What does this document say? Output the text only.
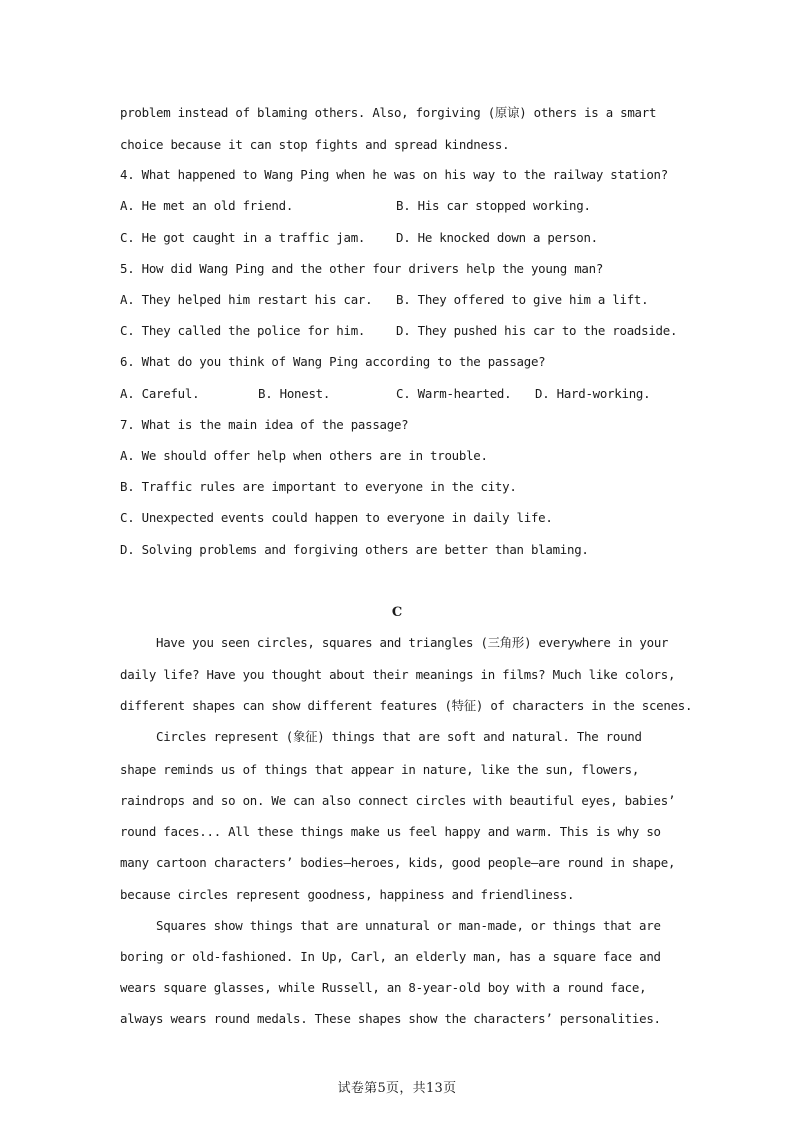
problem instead of blaming others. Also, forgiving (原谅) others is a smart
choice because it can stop fights and spread kindness.
4. What happened to Wang Ping when he was on his way to the railway station?
A. He met an old friend.	B. His car stopped working.
C. He got caught in a traffic jam. D. He knocked down a person.
5. How did Wang Ping and the other four drivers help the young man?
A. They helped him restart his car. B. They offered to give him a lift.
C. They called the police for him. D. They pushed his car to the roadside.
6. What do you think of Wang Ping according to the passage?
A. Careful.	B. Honest.	C. Warm-hearted. D. Hard-working.
7. What is the main idea of the passage?
A. We should offer help when others are in trouble.
B. Traffic rules are important to everyone in the city.
C. Unexpected events could happen to everyone in daily life.
D. Solving problems and forgiving others are better than blaming.
C
Have you seen circles, squares and triangles (三角形) everywhere in your
daily life? Have you thought about their meanings in films? Much like colors,
different shapes can show different features (特征) of characters in the scenes.
Circles represent (象征) things that are soft and natural. The round
shape reminds us of things that appear in nature, like the sun, flowers,
raindrops and so on. We can also connect circles with beautiful eyes, babies’
round faces... All these things make us feel happy and warm. This is why so
many cartoon characters’ bodies—heroes, kids, good people—are round in shape,
because circles represent goodness, happiness and friendliness.
Squares show things that are unnatural or man-made, or things that are
boring or old-fashioned. In Up, Carl, an elderly man, has a square face and
wears square glasses, while Russell, an 8-year-old boy with a round face,
always wears round medals. These shapes show the characters’ personalities.
试卷第5页，共13页
